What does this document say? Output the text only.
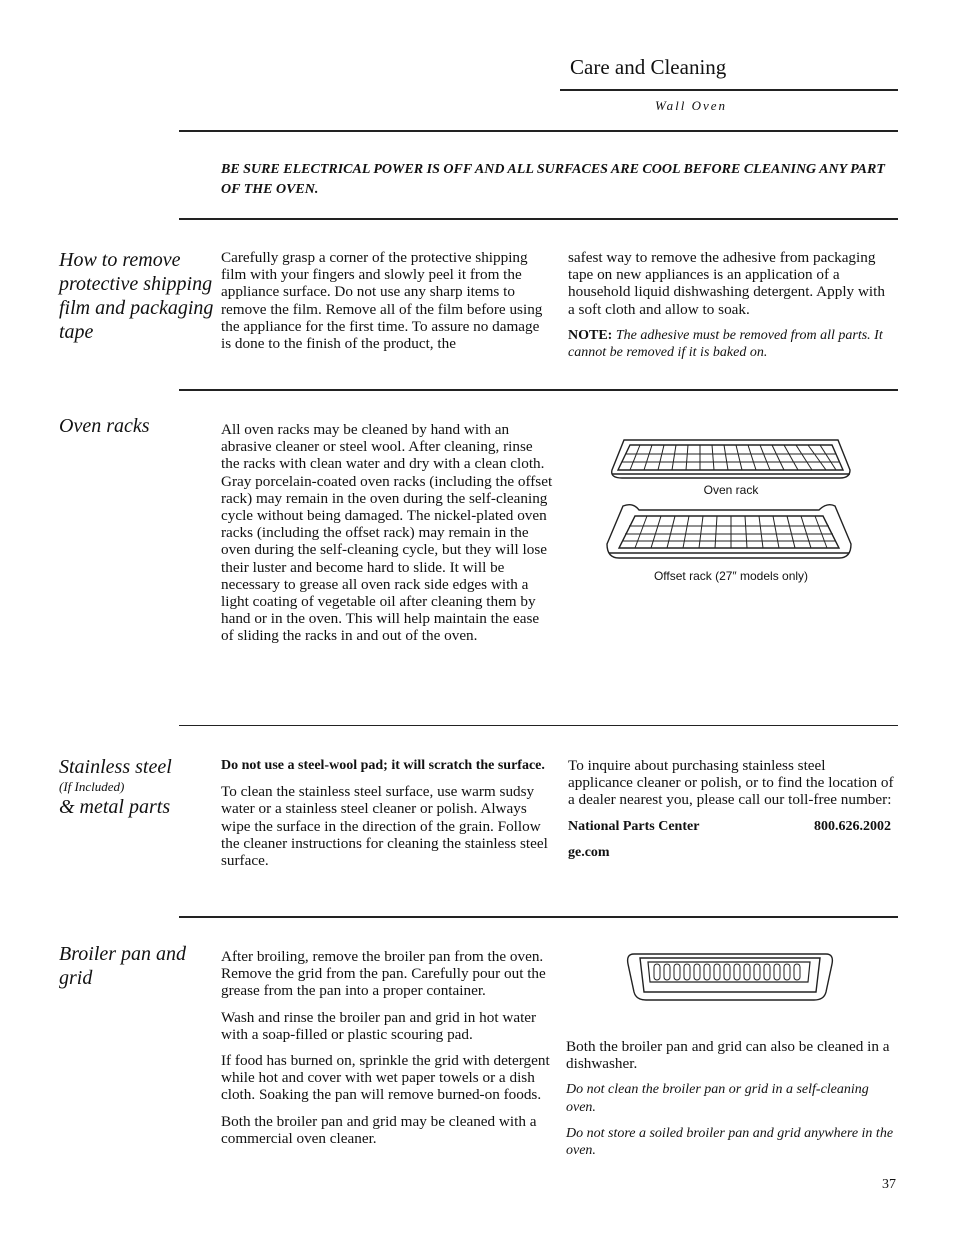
Care and Cleaning
Wall Oven
BE SURE ELECTRICAL POWER IS OFF AND ALL SURFACES ARE COOL BEFORE CLEANING ANY PART OF THE OVEN.
How to remove protective shipping film and packaging tape
Carefully grasp a corner of the protective shipping film with your fingers and slowly peel it from the appliance surface. Do not use any sharp items to remove the film. Remove all of the film before using the appliance for the first time. To assure no damage is done to the finish of the product, the

safest way to remove the adhesive from packaging tape on new appliances is an application of a household liquid dishwashing detergent. Apply with a soft cloth and allow to soak.

NOTE: The adhesive must be removed from all parts. It cannot be removed if it is baked on.
Oven racks	All oven racks may be cleaned by hand with an abrasive cleaner or steel wool. After cleaning, rinse the racks with clean water and dry with a clean cloth. Gray porcelain-coated oven racks (including the offset rack) may remain in the oven during the self-cleaning cycle without being damaged. The nickel-plated oven racks (including the offset rack) may remain in the oven during the self-cleaning cycle, but they will lose their luster and become hard to slide. It will be necessary to grease all oven rack side edges with a light coating of vegetable oil after cleaning them by hand or in the oven. This will help maintain the ease of sliding the racks in and out of the oven.
Oven rack
Offset rack (27″ models only)
Stainless steel
(If Included)
& metal parts

Do not use a steel-wool pad; it will scratch the surface.

To clean the stainless steel surface, use warm sudsy water or a stainless steel cleaner or polish. Always wipe the surface in the direction of the grain. Follow the cleaner instructions for cleaning the stainless steel surface.

To inquire about purchasing stainless steel applicance cleaner or polish, or to find the location of a dealer nearest you, please call our toll-free number:

National Parts Center	800.626.2002
ge.com
Broiler pan and grid

After broiling, remove the broiler pan from the oven. Remove the grid from the pan. Carefully pour out the grease from the pan into a proper container.

Wash and rinse the broiler pan and grid in hot water with a soap-filled or plastic scouring pad.

If food has burned on, sprinkle the grid with detergent while hot and cover with wet paper towels or a dish cloth. Soaking the pan will remove burned-on foods.

Both the broiler pan and grid may be cleaned with a commercial oven cleaner.

Both the broiler pan and grid can also be cleaned in a dishwasher.

Do not clean the broiler pan or grid in a self-cleaning oven.

Do not store a soiled broiler pan and grid anywhere in the oven.

37
